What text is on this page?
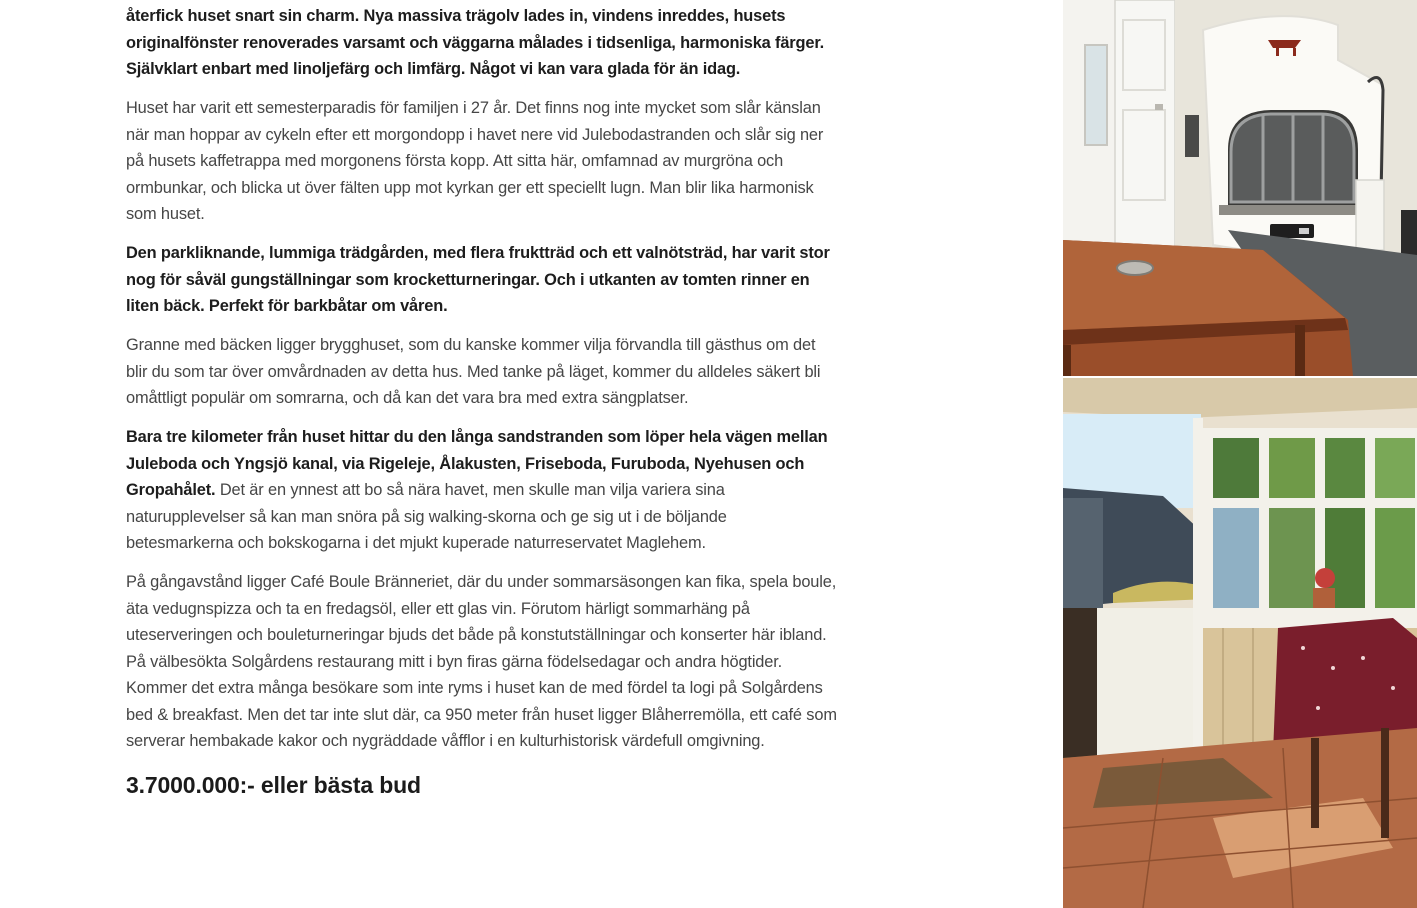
återfick huset snart sin charm. Nya massiva trägolv lades in, vindens inreddes, husets originalfönster renoverades varsamt och väggarna målades i tidsenliga, harmoniska färger. Självklart enbart med linoljefärg och limfärg. Något vi kan vara glada för än idag.

Huset har varit ett semesterparadis för familjen i 27 år. Det finns nog inte mycket som slår känslan när man hoppar av cykeln efter ett morgondopp i havet nere vid Julebodastranden och slår sig ner på husets kaffetrappa med morgonens första kopp. Att sitta här, omfamnad av murgröna och ormbunkar, och blicka ut över fälten upp mot kyrkan ger ett speciellt lugn. Man blir lika harmonisk som huset.

Den parkliknande, lummiga trädgården, med flera fruktträd och ett valnötsträd, har varit stor nog för såväl gungställningar som krocketturneringar. Och i utkanten av tomten rinner en liten bäck. Perfekt för barkbåtar om våren.

Granne med bäcken ligger brygghuset, som du kanske kommer vilja förvandla till gästhus om det blir du som tar över omvårdnaden av detta hus. Med tanke på läget, kommer du alldeles säkert bli omåttligt populär om somrarna, och då kan det vara bra med extra sängplatser.

Bara tre kilometer från huset hittar du den långa sandstranden som löper hela vägen mellan Juleboda och Yngsjö kanal, via Rigeleje, Ålakusten, Friseboda, Furuboda, Nyehusen och Gropahålet. Det är en ynnest att bo så nära havet, men skulle man vilja variera sina naturupplevelser så kan man snöra på sig walking-skorna och ge sig ut i de böljande betesmarkerna och bokskogarna i det mjukt kuperade naturreservatet Maglehem.

På gångavstånd ligger Café Boule Bränneriet, där du under sommarsäsongen kan fika, spela boule, äta vedugnspizza och ta en fredagsöl, eller ett glas vin. Förutom härligt sommarhäng på uteserveringen och bouleturneringar bjuds det både på konstutställningar och konserter här ibland. På välbesökta Solgårdens restaurang mitt i byn firas gärna födelsedagar och andra högtider. Kommer det extra många besökare som inte ryms i huset kan de med fördel ta logi på Solgårdens bed & breakfast. Men det tar inte slut där, ca 950 meter från huset ligger Blåherremölla, ett café som serverar hembakade kakor och nygräddade våfflor i en kulturhistorisk värdefull omgivning.

3.7000.000:- eller bästa bud
